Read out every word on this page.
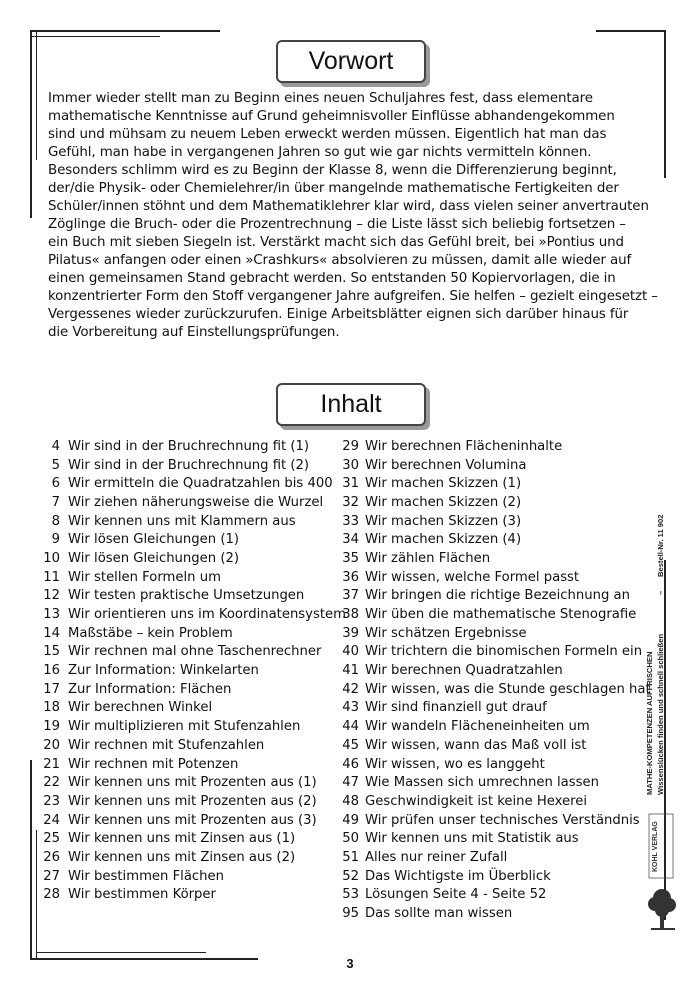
Vorwort
Immer wieder stellt man zu Beginn eines neuen Schuljahres fest, dass elementare
mathematische Kenntnisse auf Grund geheimnisvoller Einflüsse abhandengekommen
sind und mühsam zu neuem Leben erweckt werden müssen. Eigentlich hat man das
Gefühl, man habe in vergangenen Jahren so gut wie gar nichts vermitteln können.
Besonders schlimm wird es zu Beginn der Klasse 8, wenn die Differenzierung beginnt,
der/die Physik- oder Chemielehrer/in über mangelnde mathematische Fertigkeiten der
Schüler/innen stöhnt und dem Mathematiklehrer klar wird, dass vielen seiner anvertrauten
Zöglinge die Bruch- oder die Prozentrechnung – die Liste lässt sich beliebig fortsetzen –
ein Buch mit sieben Siegeln ist. Verstärkt macht sich das Gefühl breit, bei »Pontius und
Pilatus« anfangen oder einen »Crashkurs« absolvieren zu müssen, damit alle wieder auf
einen gemeinsamen Stand gebracht werden. So entstanden 50 Kopiervorlagen, die in
konzentrierter Form den Stoff vergangener Jahre aufgreifen. Sie helfen – gezielt eingesetzt –
Vergessenes wieder zurückzurufen. Einige Arbeitsblätter eignen sich darüber hinaus für
die Vorbereitung auf Einstellungsprüfungen.
Inhalt
4 Wir sind in der Bruchrechnung fit (1)
5 Wir sind in der Bruchrechnung fit (2)
6 Wir ermitteln die Quadratzahlen bis 400
7 Wir ziehen näherungsweise die Wurzel
8 Wir kennen uns mit Klammern aus
9 Wir lösen Gleichungen (1)
10 Wir lösen Gleichungen (2)
11 Wir stellen Formeln um
12 Wir testen praktische Umsetzungen
13 Wir orientieren uns im Koordinatensystem
14 Maßstäbe – kein Problem
15 Wir rechnen mal ohne Taschenrechner
16 Zur Information: Winkelarten
17 Zur Information: Flächen
18 Wir berechnen Winkel
19 Wir multiplizieren mit Stufenzahlen
20 Wir rechnen mit Stufenzahlen
21 Wir rechnen mit Potenzen
22 Wir kennen uns mit Prozenten aus (1)
23 Wir kennen uns mit Prozenten aus (2)
24 Wir kennen uns mit Prozenten aus (3)
25 Wir kennen uns mit Zinsen aus (1)
26 Wir kennen uns mit Zinsen aus (2)
27 Wir bestimmen Flächen
28 Wir bestimmen Körper
29 Wir berechnen Flächeninhalte
30 Wir berechnen Volumina
31 Wir machen Skizzen (1)
32 Wir machen Skizzen (2)
33 Wir machen Skizzen (3)
34 Wir machen Skizzen (4)
35 Wir zählen Flächen
36 Wir wissen, welche Formel passt
37 Wir bringen die richtige Bezeichnung an
38 Wir üben die mathematische Stenografie
39 Wir schätzen Ergebnisse
40 Wir trichtern die binomischen Formeln ein
41 Wir berechnen Quadratzahlen
42 Wir wissen, was die Stunde geschlagen hat
43 Wir sind finanziell gut drauf
44 Wir wandeln Flächeneinheiten um
45 Wir wissen, wann das Maß voll ist
46 Wir wissen, wo es langgeht
47 Wie Massen sich umrechnen lassen
48 Geschwindigkeit ist keine Hexerei
49 Wir prüfen unser technisches Verständnis
50 Wir kennen uns mit Statistik aus
51 Alles nur reiner Zufall
52 Das Wichtigste im Überblick
53 Lösungen Seite 4 - Seite 52
95 Das sollte man wissen
MATHE-KOMPETENZEN AUFFRISCHEN Wissenslücken finden und schnell schließen
–
Bestell-Nr. 11 902
KOHL VERLAG
3
